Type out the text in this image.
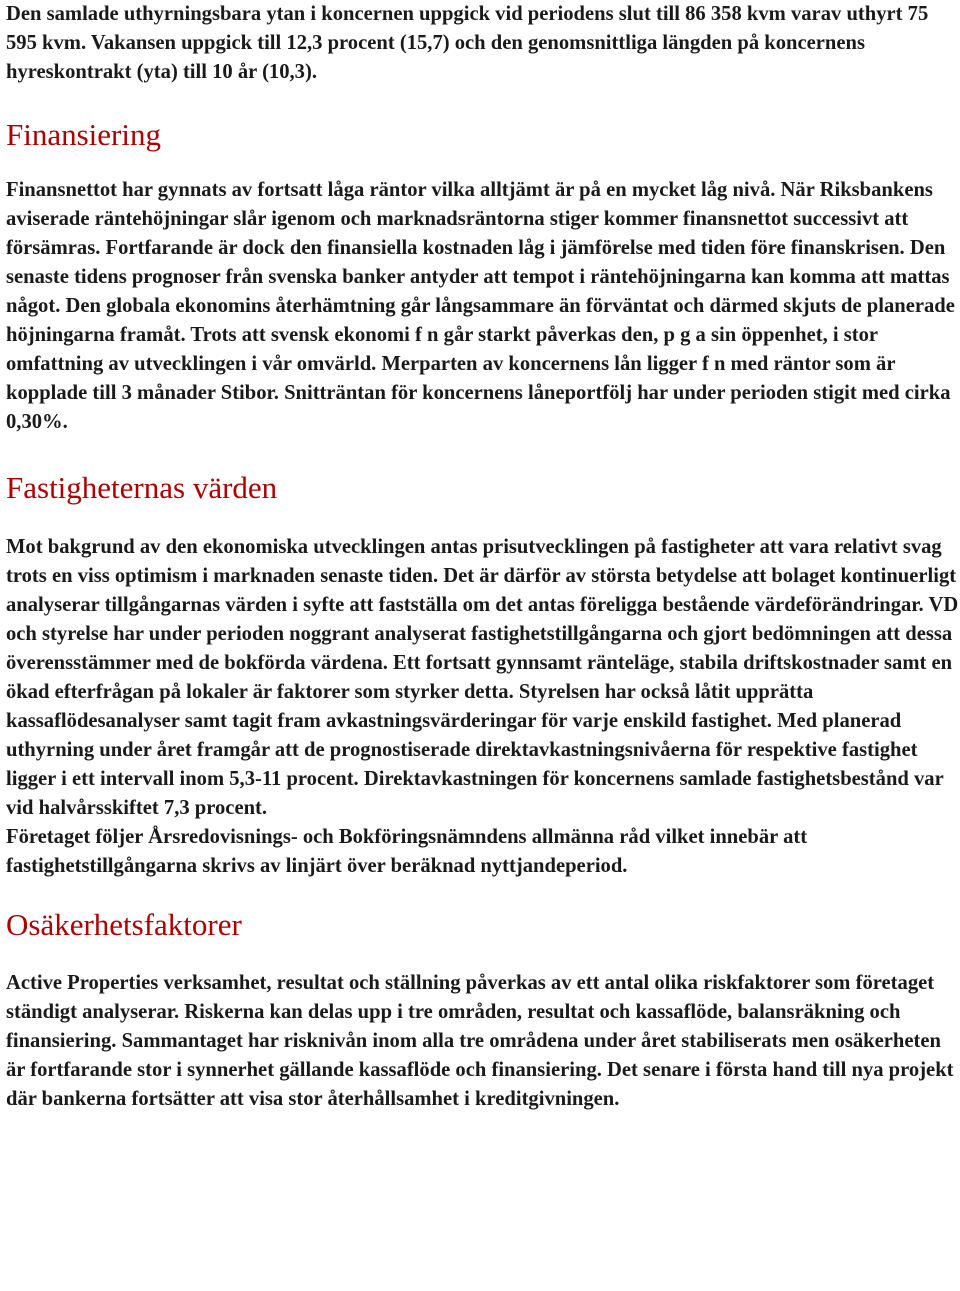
Den samlade uthyrningsbara ytan i koncernen uppgick vid periodens slut till 86 358 kvm varav uthyrt 75 595 kvm. Vakansen uppgick till 12,3 procent (15,7) och den genomsnittliga längden på koncernens hyreskontrakt (yta) till 10 år (10,3).

Finansiering

Finansnettot har gynnats av fortsatt låga räntor vilka alltjämt är på en mycket låg nivå. När Riksbankens aviserade räntehöjningar slår igenom och marknadsräntorna stiger kommer finansnettot successivt att försämras. Fortfarande är dock den finansiella kostnaden låg i jämförelse med tiden före finanskrisen. Den senaste tidens prognoser från svenska banker antyder att tempot i räntehöjningarna kan komma att mattas något. Den globala ekonomins återhämtning går långsammare än förväntat och därmed skjuts de planerade höjningarna framåt. Trots att svensk ekonomi f n går starkt påverkas den, p g a sin öppenhet, i stor omfattning av utvecklingen i vår omvärld. Merparten av koncernens lån ligger f n med räntor som är kopplade till 3 månader Stibor. Snitträntan för koncernens låneportfölj har under perioden stigit med cirka 0,30%.

Fastigheternas värden

Mot bakgrund av den ekonomiska utvecklingen antas prisutvecklingen på fastigheter att vara relativt svag trots en viss optimism i marknaden senaste tiden. Det är därför av största betydelse att bolaget kontinuerligt analyserar tillgångarnas värden i syfte att fastställa om det antas föreligga bestående värdeförändringar. VD och styrelse har under perioden noggrant analyserat fastighetstillgångarna och gjort bedömningen att dessa överensstämmer med de bokförda värdena. Ett fortsatt gynnsamt ränteläge, stabila driftskostnader samt en ökad efterfrågan på lokaler är faktorer som styrker detta. Styrelsen har också låtit upprätta kassaflödesanalyser samt tagit fram avkastningsvärderingar för varje enskild fastighet. Med planerad uthyrning under året framgår att de prognostiserade direktavkastningsnivåerna för respektive fastighet ligger i ett intervall inom 5,3-11 procent. Direktavkastningen för koncernens samlade fastighetsbestånd var vid halvårsskiftet 7,3 procent.

Företaget följer Årsredovisnings- och Bokföringsnämndens allmänna råd vilket innebär att fastighetstillgångarna skrivs av linjärt över beräknad nyttjandeperiod.

Osäkerhetsfaktorer

Active Properties verksamhet, resultat och ställning påverkas av ett antal olika riskfaktorer som företaget ständigt analyserar. Riskerna kan delas upp i tre områden, resultat och kassaflöde, balansräkning och finansiering. Sammantaget har risknivån inom alla tre områdena under året stabiliserats men osäkerheten är fortfarande stor i synnerhet gällande kassaflöde och finansiering. Det senare i första hand till nya projekt där bankerna fortsätter att visa stor återhållsamhet i kreditgivningen.
